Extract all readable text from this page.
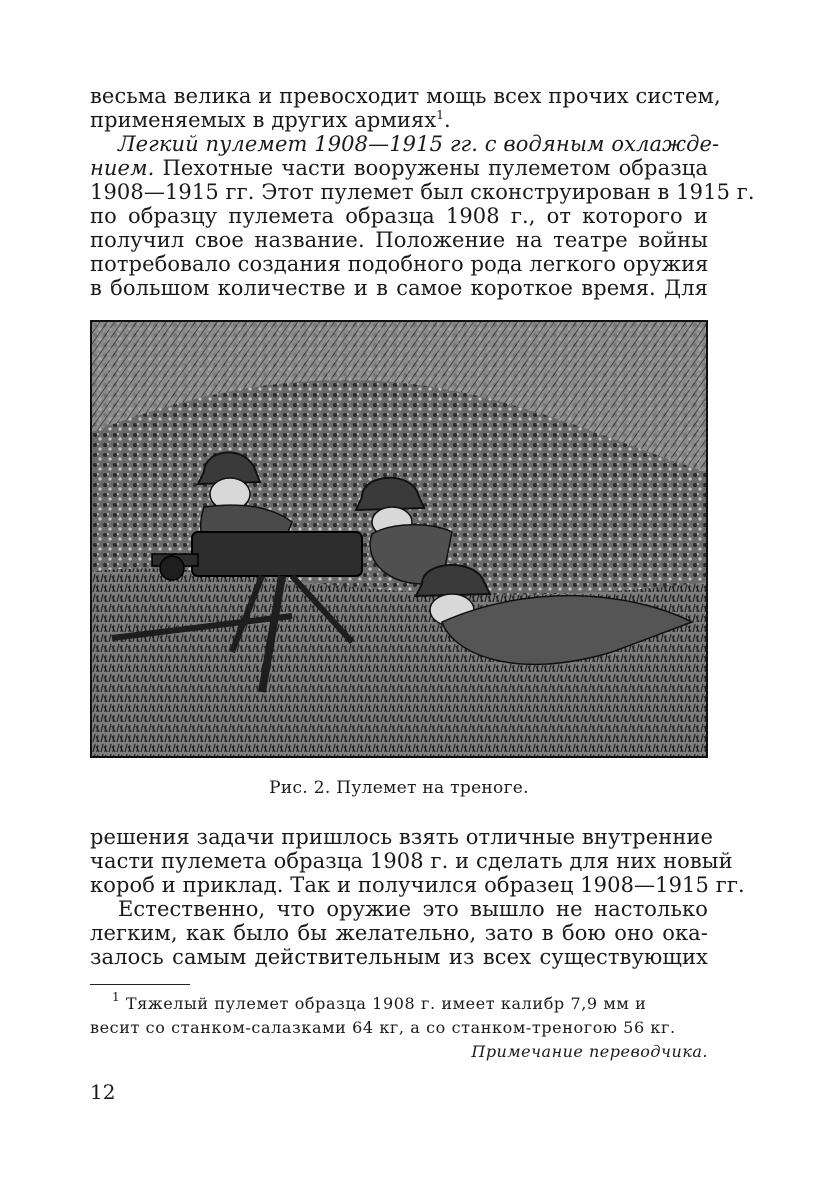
весьма велика и превосходит мощь всех прочих систем,
применяемых в других армиях$^1$.
Легкий пулемет 1908—1915 гг. с водяным охлажде-
нием. Пехотные части вооружены пулеметом образца
1908—1915 гг. Этот пулемет был сконструирован в 1915 г.
по образцу пулемета образца 1908 г., от которого и
получил свое название. Положение на театре войны
потребовало создания подобного рода легкого оружия
в большом количестве и в самое короткое время. Для
Рис. 2. Пулемет на треноге.
решения задачи пришлось взять отличные внутренние
части пулемета образца 1908 г. и сделать для них новый
короб и приклад. Так и получился образец 1908—1915 гг.
Естественно, что оружие это вышло не настолько
легким, как было бы желательно, зато в бою оно ока-
залось самым действительным из всех существующих
$^1$ Тяжелый пулемет образца 1908 г. имеет калибр 7,9 мм и
весит со станком-салазками 64 кг, а со станком-треногою 56 кг.
Примечание переводчика.
12
